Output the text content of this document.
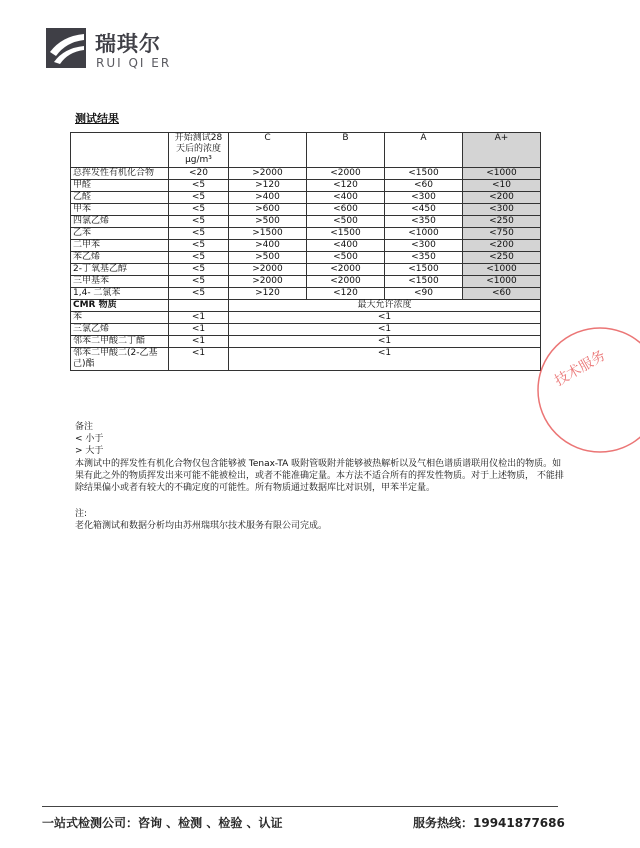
瑞琪尔
RUI QI ER
测试结果

	开始测试28
天后的浓度
μg/m³	C	B	A	A+
总挥发性有机化合物	<20	>2000	<2000	<1500	<1000
甲醛	<5	>120	<120	<60	<10
乙醛	<5	>400	<400	<300	<200
甲苯	<5	>600	<600	<450	<300
四氯乙烯	<5	>500	<500	<350	<250
乙苯	<5	>1500	<1500	<1000	<750
二甲苯	<5	>400	<400	<300	<200
苯乙烯	<5	>500	<500	<350	<250
2-丁氧基乙醇	<5	>2000	<2000	<1500	<1000
三甲基苯	<5	>2000	<2000	<1500	<1000
1,4- 二氯苯	<5	>120	<120	<90	<60
CMR 物质		最大允许浓度			
苯	<1	<1			
三氯乙烯	<1	<1			
邻苯二甲酸二丁酯	<1	<1			
邻苯二甲酸二(2-乙基己)酯	<1	<1			

备注

< 小于

> 大于

本测试中的挥发性有机化合物仅包含能够被 Tenax-TA 吸附管吸附并能够被热解析以及气相色谱质谱联用仪检出的物质。如果有此之外的物质挥发出来可能不能被检出，或者不能准确定量。本方法不适合所有的挥发性物质。对于上述物质， 不能排除结果偏小或者有较大的不确定度的可能性。所有物质通过数据库比对识别，甲苯半定量。

注:

老化箱测试和数据分析均由苏州瑞琪尔技术服务有限公司完成。

技术服务
一站式检测公司：咨询 、检测 、检验 、认证	服务热线：19941877686
